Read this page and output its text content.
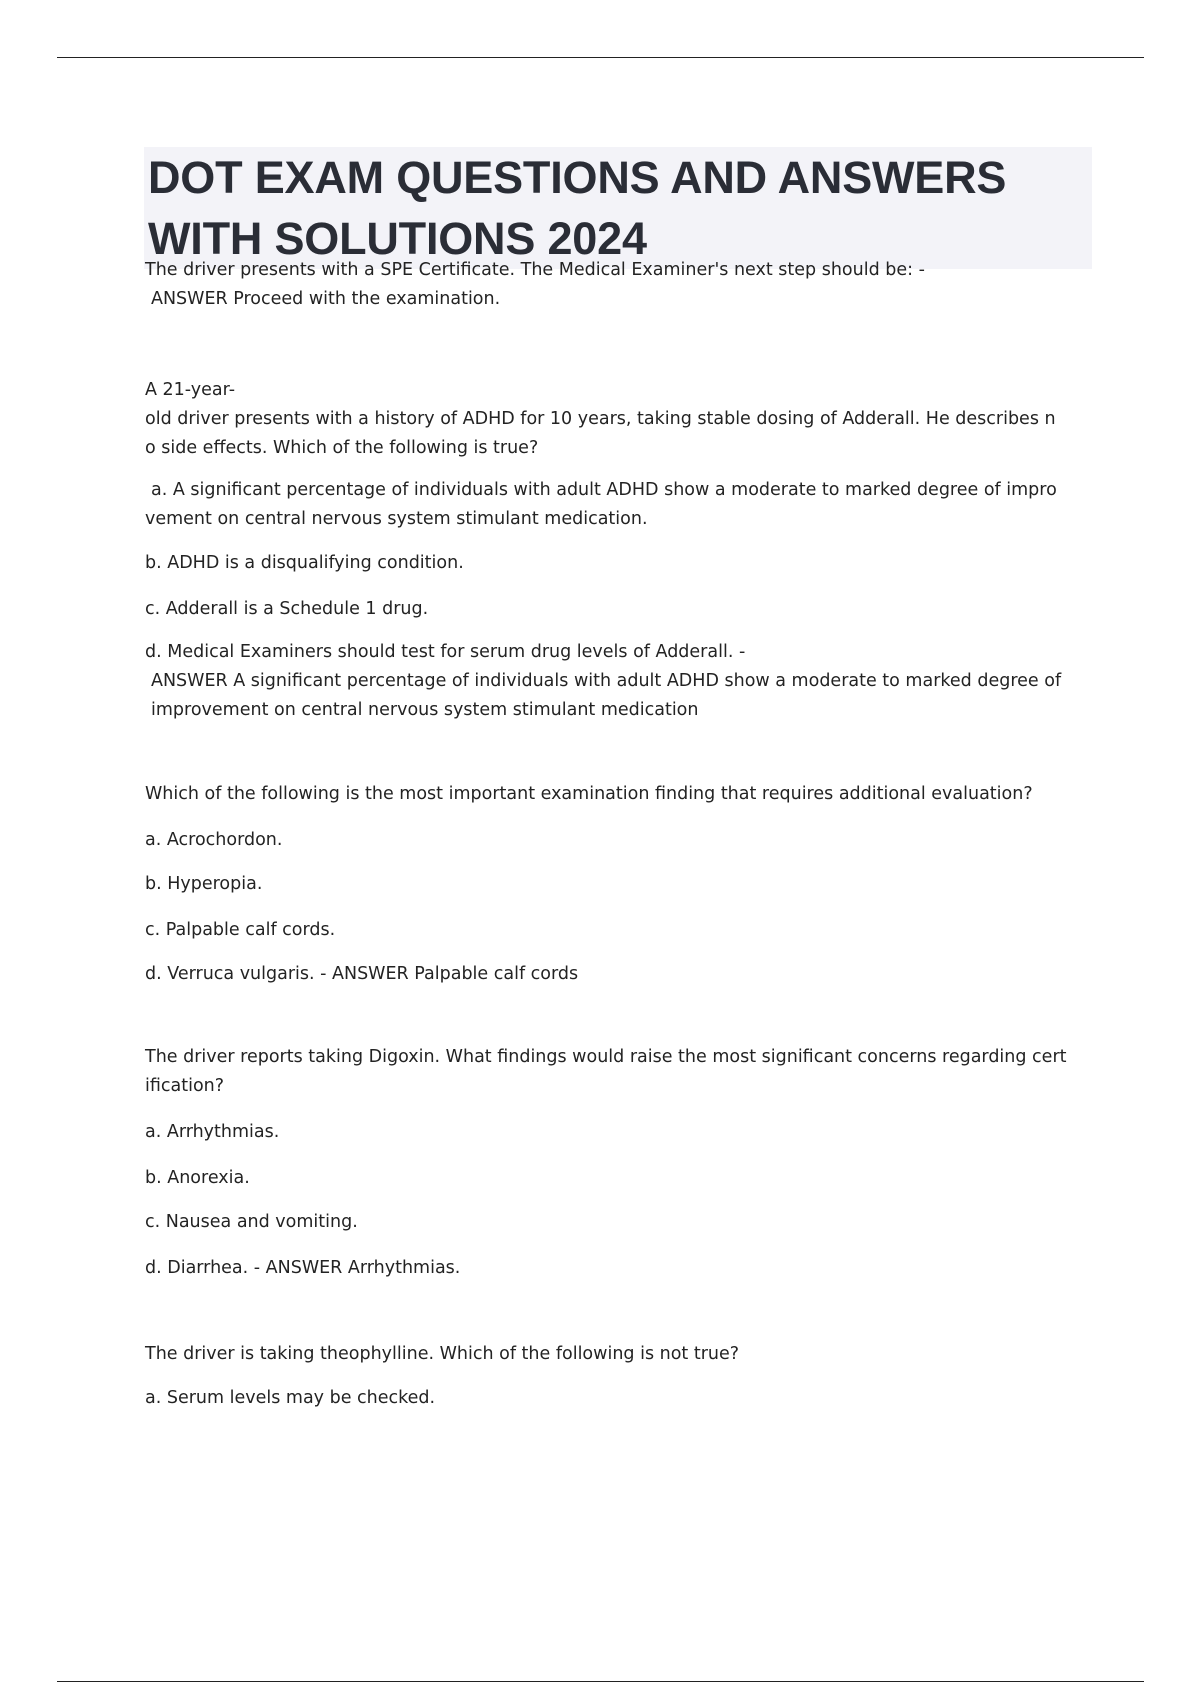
DOT EXAM QUESTIONS AND ANSWERS
WITH SOLUTIONS 2024

The driver presents with a SPE Certificate. The Medical Examiner's next step should be: -

ANSWER Proceed with the examination.

A 21-year-

old driver presents with a history of ADHD for 10 years, taking stable dosing of Adderall. He describes n

o side effects. Which of the following is true?

a. A significant percentage of individuals with adult ADHD show a moderate to marked degree of impro

vement on central nervous system stimulant medication.

b. ADHD is a disqualifying condition.

c. Adderall is a Schedule 1 drug.

d. Medical Examiners should test for serum drug levels of Adderall. -

ANSWER A significant percentage of individuals with adult ADHD show a moderate to marked degree of

improvement on central nervous system stimulant medication

Which of the following is the most important examination finding that requires additional evaluation?

a. Acrochordon.

b. Hyperopia.

c. Palpable calf cords.

d. Verruca vulgaris. - ANSWER Palpable calf cords

The driver reports taking Digoxin. What findings would raise the most significant concerns regarding cert

ification?

a. Arrhythmias.

b. Anorexia.

c. Nausea and vomiting.

d. Diarrhea. - ANSWER Arrhythmias.

The driver is taking theophylline. Which of the following is not true?

a. Serum levels may be checked.
